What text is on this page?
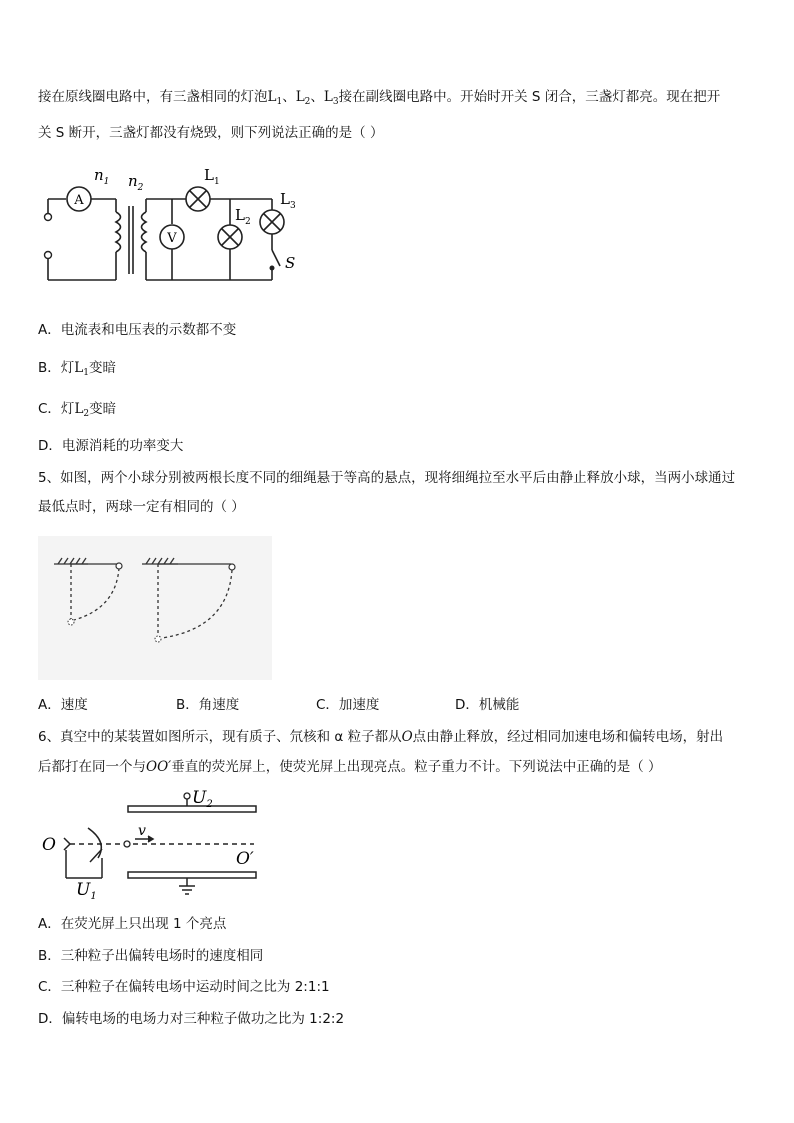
接在原线圈电路中，有三盏相同的灯泡$L_1$、$L_2$、$L_3$接在副线圈电路中。开始时开关 S 闭合，三盏灯都亮。现在把开
关 S 断开，三盏灯都没有烧毁，则下列说法正确的是（ ）
A
V
$n_1$ $n_2$
$L_1$
$L_2$
$L_3$
S
A．电流表和电压表的示数都不变
B．灯$L_1$变暗
C．灯$L_2$变暗
D．电源消耗的功率变大
5、如图，两个小球分别被两根长度不同的细绳悬于等高的悬点，现将细绳拉至水平后由静止释放小球，当两小球通过
最低点时，两球一定有相同的（ ）
A．速度	B．角速度	C．加速度	D．机械能
6、真空中的某装置如图所示，现有质子、氘核和 α 粒子都从O点由静止释放，经过相同加速电场和偏转电场，射出
后都打在同一个与OO′垂直的荧光屏上，使荧光屏上出现亮点。粒子重力不计。下列说法中正确的是（ ）
O
O′
v
$U_2$
$U_1$
A．在荧光屏上只出现 1 个亮点
B．三种粒子出偏转电场时的速度相同
C．三种粒子在偏转电场中运动时间之比为 2:1:1
D．偏转电场的电场力对三种粒子做功之比为 1:2:2
